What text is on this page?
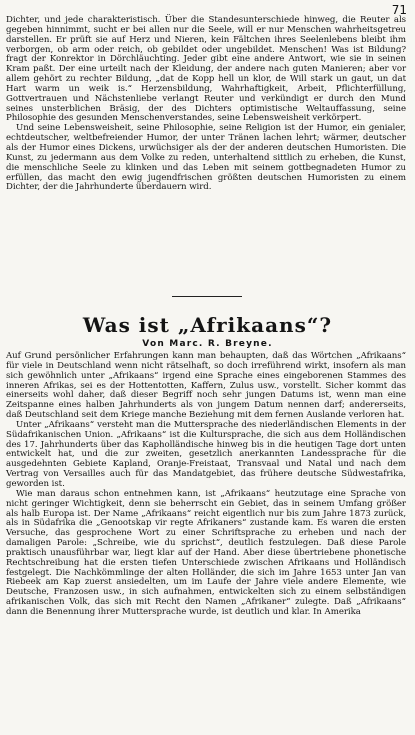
71

Dichter, und jede charakteristisch. Über die Standesunterschiede hinweg, die Reuter als gegeben hinnimmt, sucht er bei allen nur die Seele, will er nur Menschen wahrheitsgetreu darstellen. Er prüft sie auf Herz und Nieren, kein Fältchen ihres Seelenlebens bleibt ihm verborgen, ob arm oder reich, ob gebildet oder ungebildet. Menschen! Was ist Bildung? fragt der Konrektor in Dörchläuchting. Jeder gibt eine andere Antwort, wie sie in seinen Kram paßt. Der eine urteilt nach der Kleidung, der andere nach guten Manieren; aber vor allem gehört zu rechter Bildung, „dat de Kopp hell un klor, de Will stark un gaut, un dat Hart warm un weik is.“ Herzensbildung, Wahrhaftigkeit, Arbeit, Pflichterfüllung, Gottvertrauen und Nächstenliebe verlangt Reuter und verkündigt er durch den Mund seines unsterblichen Bräsig, der des Dichters optimistische Weltauffassung, seine Philosophie des gesunden Menschenverstandes, seine Lebensweisheit verkörpert.

Und seine Lebensweisheit, seine Philosophie, seine Religion ist der Humor, ein genialer, echtdeutscher, weltbefreiender Humor, der unter Tränen lachen lehrt; wärmer, deutscher als der Humor eines Dickens, urwüchsiger als der der anderen deutschen Humoristen. Die Kunst, zu jedermann aus dem Volke zu reden, unterhaltend sittlich zu erheben, die Kunst, die menschliche Seele zu klinken und das Leben mit seinem gottbegnadeten Humor zu erfüllen, das macht den ewig jugendfrischen größten deutschen Humoristen zu einem Dichter, der die Jahrhunderte überdauern wird.

Was ist „Afrikaans“?
Von Marc. R. Breyne.

Auf Grund persönlicher Erfahrungen kann man behaupten, daß das Wörtchen „Afrikaans“ für viele in Deutschland wenn nicht rätselhaft, so doch irreführend wirkt, insofern als man sich gewöhnlich unter „Afrikaans“ irgend eine Sprache eines eingeborenen Stammes des inneren Afrikas, sei es der Hottentotten, Kaffern, Zulus usw., vorstellt. Sicher kommt das einerseits wohl daher, daß dieser Begriff noch sehr jungen Datums ist, wenn man eine Zeitspanne eines halben Jahrhunderts als von jungem Datum nennen darf; andererseits, daß Deutschland seit dem Kriege manche Beziehung mit dem fernen Auslande verloren hat.

Unter „Afrikaans“ versteht man die Muttersprache des niederländischen Elements in der Südafrikanischen Union. „Afrikaans“ ist die Kultursprache, die sich aus dem Holländischen des 17. Jahrhunderts über das Kapholländische hinweg bis in die heutigen Tage dort unten entwickelt hat, und die zur zweiten, gesetzlich anerkannten Landessprache für die ausgedehnten Gebiete Kapland, Oranje-Freistaat, Transvaal und Natal und nach dem Vertrag von Versailles auch für das Mandatgebiet, das frühere deutsche Südwestafrika, geworden ist.

Wie man daraus schon entnehmen kann, ist „Afrikaans“ heutzutage eine Sprache von nicht geringer Wichtigkeit, denn sie beherrscht ein Gebiet, das in seinem Umfang größer als halb Europa ist. Der Name „Afrikaans“ reicht eigentlich nur bis zum Jahre 1873 zurück, als in Südafrika die „Genootskap vir regte Afrikaners“ zustande kam. Es waren die ersten Versuche, das gesprochene Wort zu einer Schriftsprache zu erheben und nach der damaligen Parole: „Schreibe, wie du sprichst“, deutlich festzulegen. Daß diese Parole praktisch unausführbar war, liegt klar auf der Hand. Aber diese übertriebene phonetische Rechtschreibung hat die ersten tiefen Unterschiede zwischen Afrikaans und Holländisch festgelegt. Die Nachkömmlinge der alten Holländer, die sich im Jahre 1653 unter Jan van Riebeek am Kap zuerst ansiedelten, um im Laufe der Jahre viele andere Elemente, wie Deutsche, Franzosen usw., in sich aufnahmen, entwickelten sich zu einem selbständigen afrikanischen Volk, das sich mit Recht den Namen „Afrikaner“ zulegte. Daß „Afrikaans“ dann die Benennung ihrer Muttersprache wurde, ist deutlich und klar. In Amerika
